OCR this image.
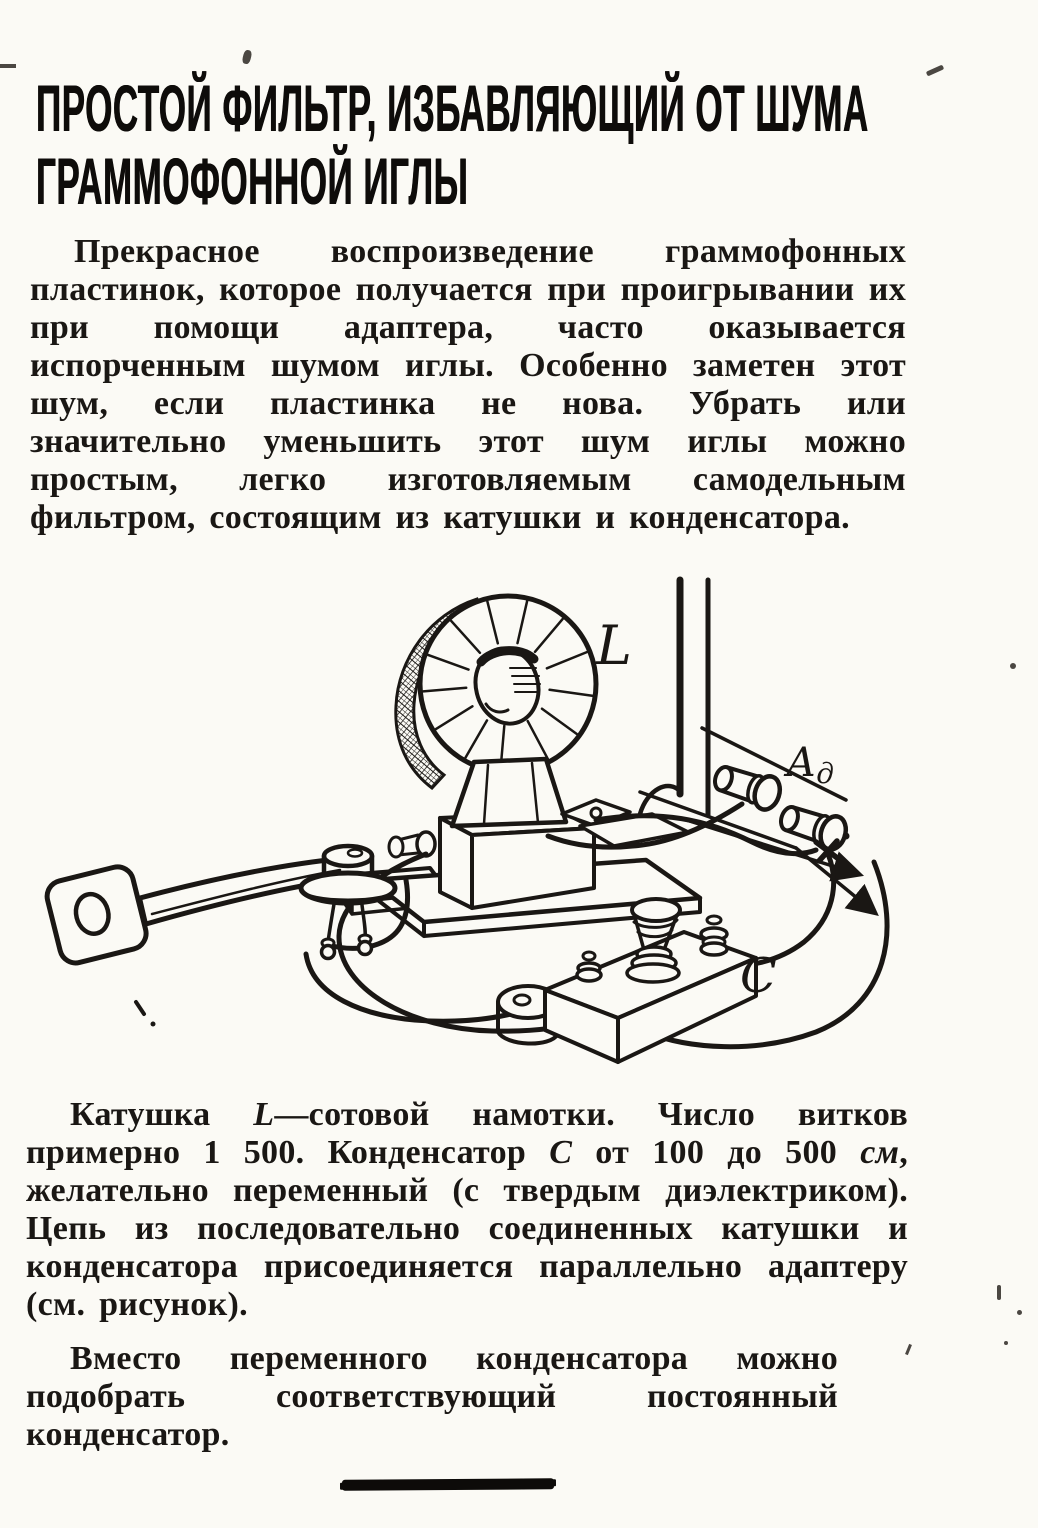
ПРОСТОЙ ФИЛЬТР, ИЗБАВЛЯЮЩИЙ ОТ ШУМА
ГРАММОФОННОЙ ИГЛЫ

Прекрасное воспроизведение граммофонных пластинок, которое получается при проигрывании их при помощи адаптера, часто оказывается испорченным шумом иглы. Особенно заметен этот шум, если пластинка не нова. Убрать или значительно уменьшить этот шум иглы можно простым, легко изготовляемым самодельным фильтром, состоящим из катушки и конденсатора.

Ад
L
C

Катушка L—сотовой намотки. Число витков примерно 1 500. Конденсатор C от 100 до 500 см, желательно переменный (с твердым диэлектриком). Цепь из последовательно соединенных катушки и конденсатора присоединяется параллельно адаптеру (см. рисунок).

Вместо переменного конденсатора можно подобрать соответствующий постоянный конденсатор.
